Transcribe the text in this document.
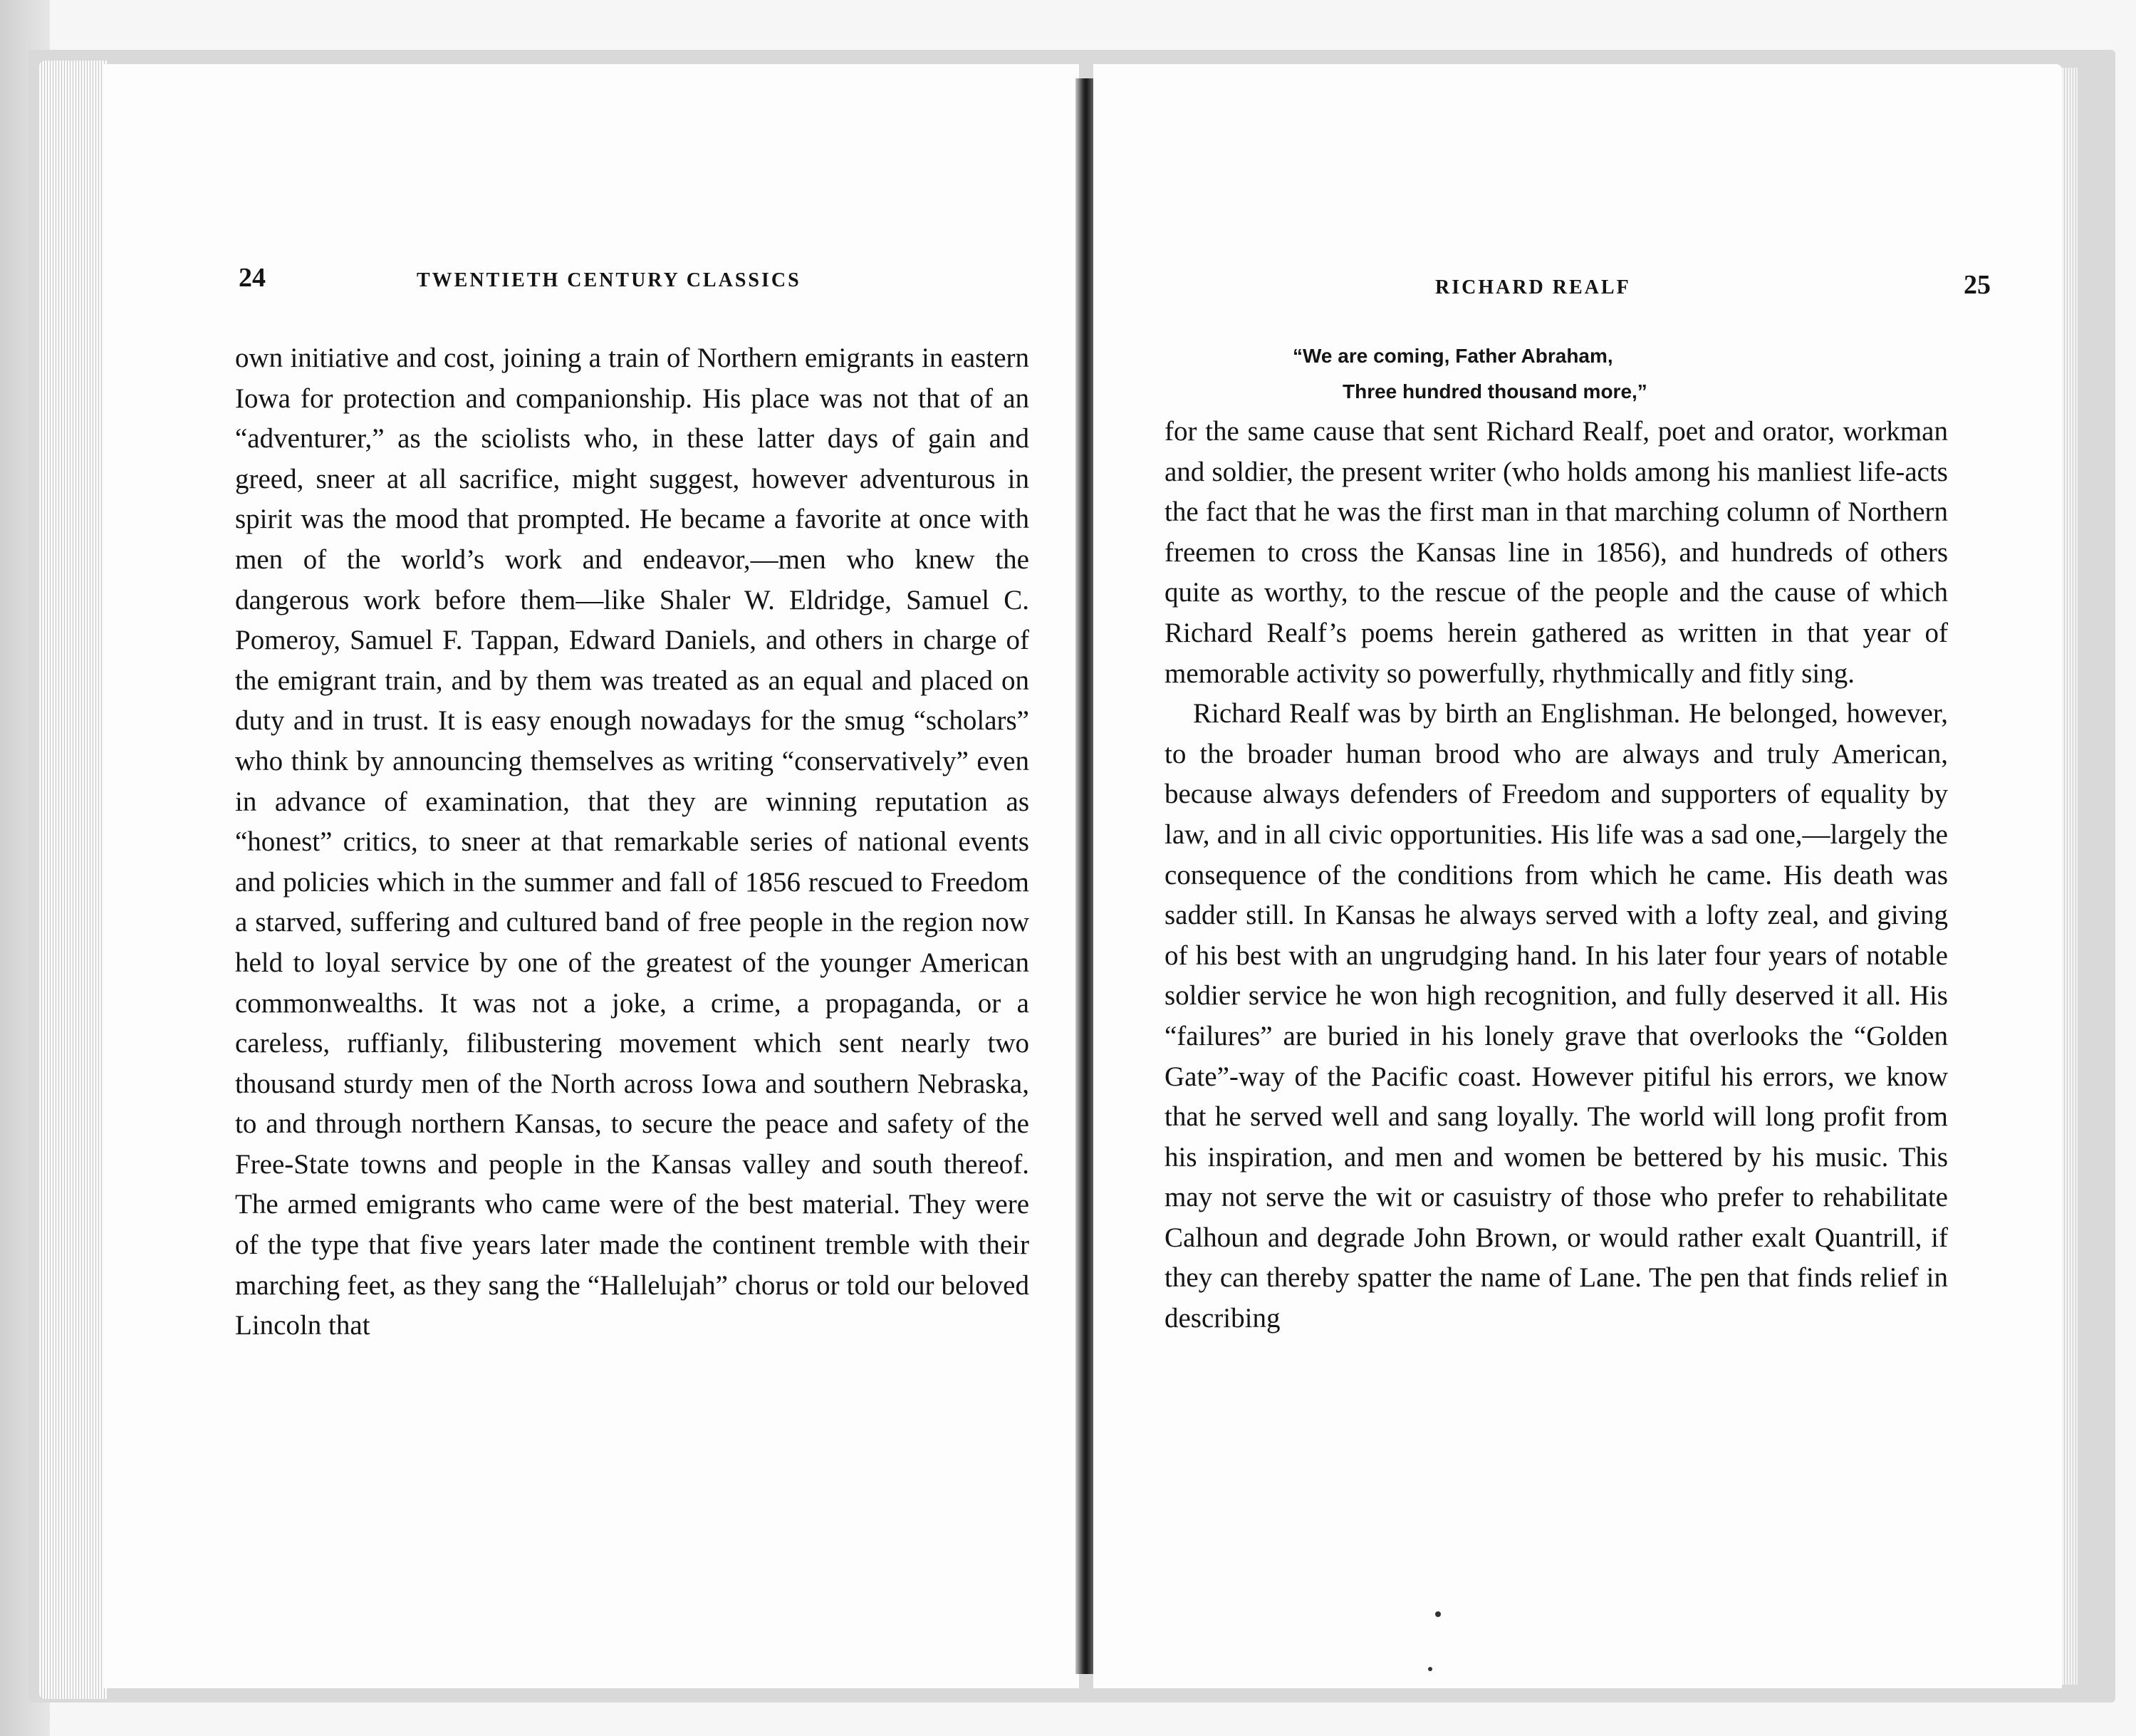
24	TWENTIETH CENTURY CLASSICS

own initiative and cost, joining a train of Northern emigrants in eastern Iowa for protection and companionship. His place was not that of an “adventurer,” as the sciolists who, in these latter days of gain and greed, sneer at all sacrifice, might suggest, however adventurous in spirit was the mood that prompted. He became a favorite at once with men of the world’s work and endeavor,—men who knew the dangerous work before them—like Shaler W. Eldridge, Samuel C. Pomeroy, Samuel F. Tappan, Edward Daniels, and others in charge of the emigrant train, and by them was treated as an equal and placed on duty and in trust. It is easy enough nowadays for the smug “scholars” who think by announcing themselves as writing “conservatively” even in advance of examination, that they are winning reputation as “honest” critics, to sneer at that remarkable series of national events and policies which in the summer and fall of 1856 rescued to Freedom a starved, suffering and cultured band of free people in the region now held to loyal service by one of the greatest of the younger American commonwealths. It was not a joke, a crime, a propaganda, or a careless, ruffianly, filibustering movement which sent nearly two thousand sturdy men of the North across Iowa and southern Nebraska, to and through northern Kansas, to secure the peace and safety of the Free-State towns and people in the Kansas valley and south thereof. The armed emigrants who came were of the best material. They were of the type that five years later made the continent tremble with their marching feet, as they sang the “Hallelujah” chorus or told our beloved Lincoln that

RICHARD REALF	25
“We are coming, Father Abraham,
Three hundred thousand more,”

for the same cause that sent Richard Realf, poet and orator, workman and soldier, the present writer (who holds among his manliest life-acts the fact that he was the first man in that marching column of Northern freemen to cross the Kansas line in 1856), and hundreds of others quite as worthy, to the rescue of the people and the cause of which Richard Realf’s poems herein gathered as written in that year of memorable activity so powerfully, rhythmically and fitly sing.

Richard Realf was by birth an Englishman. He belonged, however, to the broader human brood who are always and truly American, because always defenders of Freedom and supporters of equality by law, and in all civic opportunities. His life was a sad one,—largely the consequence of the conditions from which he came. His death was sadder still. In Kansas he always served with a lofty zeal, and giving of his best with an ungrudging hand. In his later four years of notable soldier service he won high recognition, and fully deserved it all. His “failures” are buried in his lonely grave that overlooks the “Golden Gate”-way of the Pacific coast. However pitiful his errors, we know that he served well and sang loyally. The world will long profit from his inspiration, and men and women be bettered by his music. This may not serve the wit or casuistry of those who prefer to rehabilitate Calhoun and degrade John Brown, or would rather exalt Quantrill, if they can thereby spatter the name of Lane. The pen that finds relief in describing
